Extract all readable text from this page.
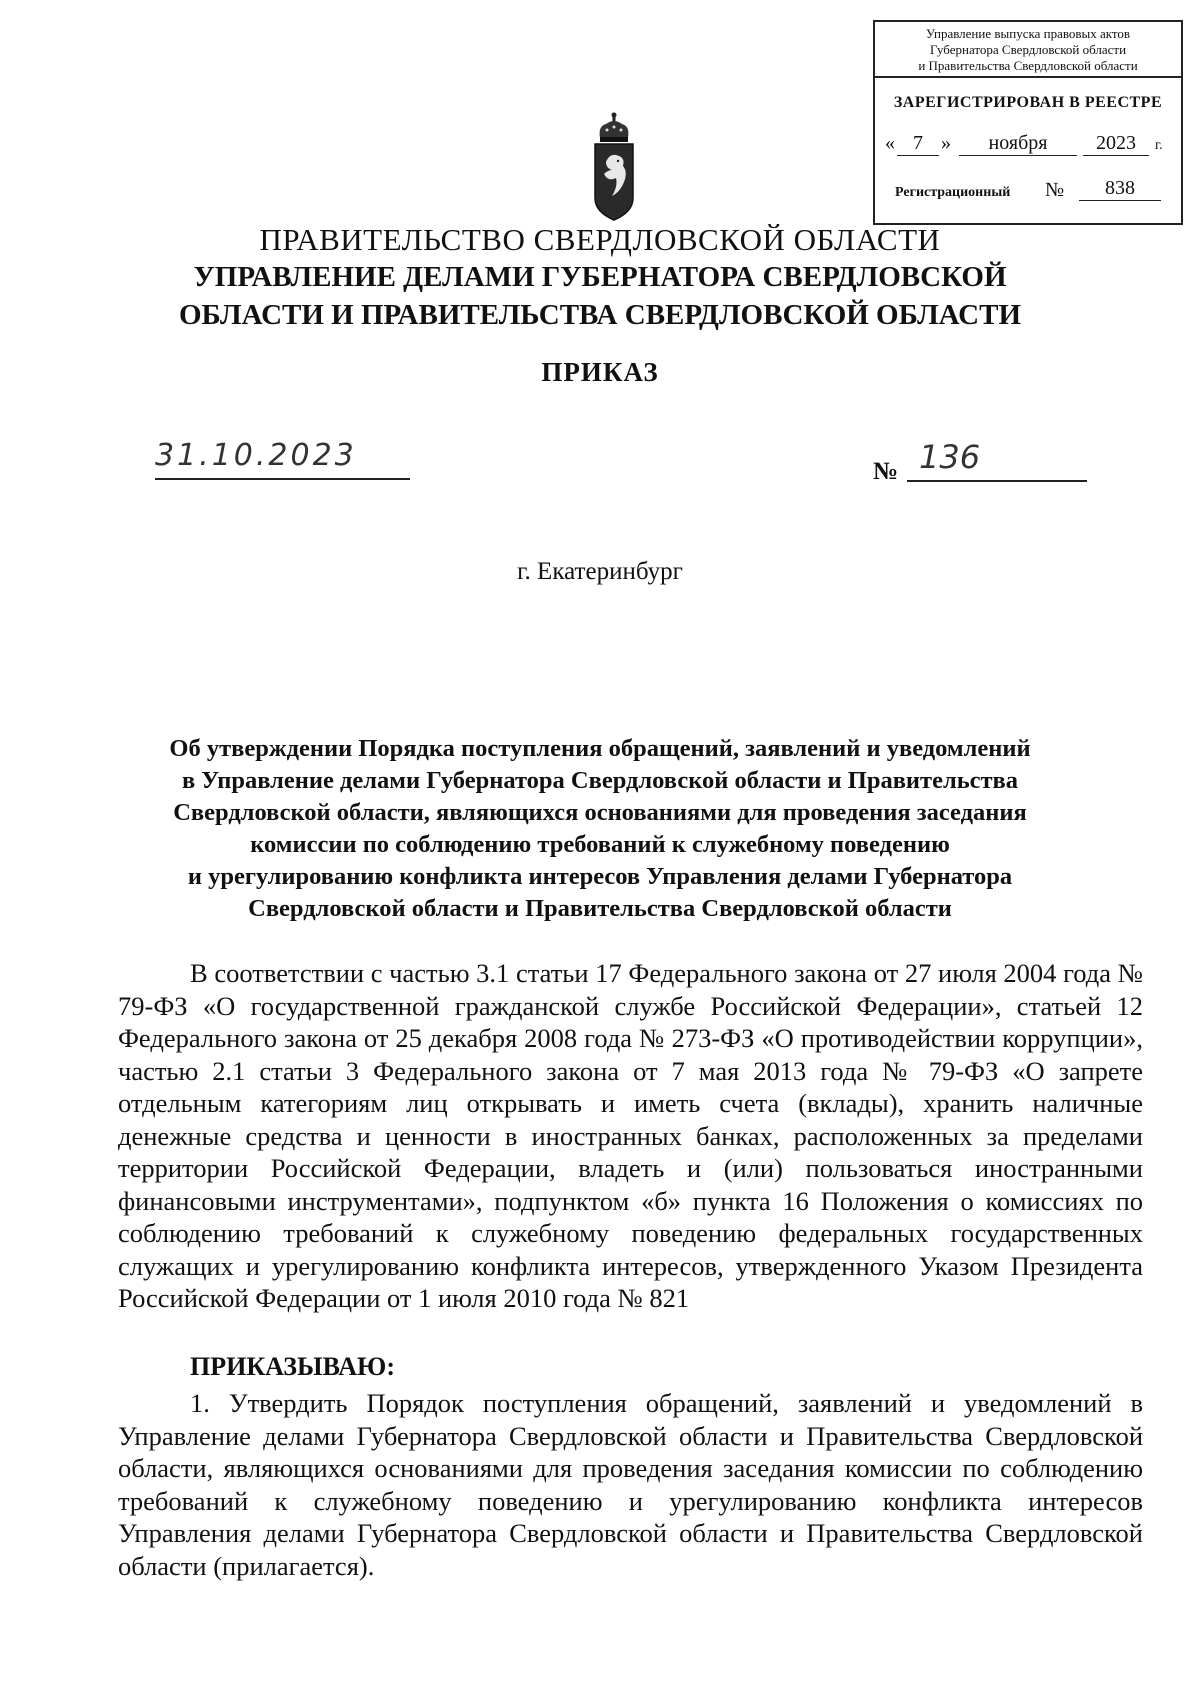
Управление выпуска правовых актов
Губернатора Свердловской области
и Правительства Свердловской области
ЗАРЕГИСТРИРОВАН В РЕЕСТРЕ
« 7 »	ноября	2023	г.
Регистрационный №	838
ПРАВИТЕЛЬСТВО СВЕРДЛОВСКОЙ ОБЛАСТИ
УПРАВЛЕНИЕ ДЕЛАМИ ГУБЕРНАТОРА СВЕРДЛОВСКОЙ
ОБЛАСТИ И ПРАВИТЕЛЬСТВА СВЕРДЛОВСКОЙ ОБЛАСТИ
ПРИКАЗ
31.10.2023	№ 136
г. Екатеринбург
Об утверждении Порядка поступления обращений, заявлений и уведомлений
в Управление делами Губернатора Свердловской области и Правительства
Свердловской области, являющихся основаниями для проведения заседания
комиссии по соблюдению требований к служебному поведению
и урегулированию конфликта интересов Управления делами Губернатора
Свердловской области и Правительства Свердловской области
В соответствии с частью 3.1 статьи 17 Федерального закона от 27 июля 2004 года № 79-ФЗ «О государственной гражданской службе Российской Федерации», статьей 12 Федерального закона от 25 декабря 2008 года № 273-ФЗ «О противодействии коррупции», частью 2.1 статьи 3 Федерального закона от 7 мая 2013 года № 79-ФЗ «О запрете отдельным категориям лиц открывать и иметь счета (вклады), хранить наличные денежные средства и ценности в иностранных банках, расположенных за пределами территории Российской Федерации, владеть и (или) пользоваться иностранными финансовыми инструментами», подпунктом «б» пункта 16 Положения о комиссиях по соблюдению требований к служебному поведению федеральных государственных служащих и урегулированию конфликта интересов, утвержденного Указом Президента Российской Федерации от 1 июля 2010 года № 821
ПРИКАЗЫВАЮ:
1. Утвердить Порядок поступления обращений, заявлений и уведомлений в Управление делами Губернатора Свердловской области и Правительства Свердловской области, являющихся основаниями для проведения заседания комиссии по соблюдению требований к служебному поведению и урегулированию конфликта интересов Управления делами Губернатора Свердловской области и Правительства Свердловской области (прилагается).
